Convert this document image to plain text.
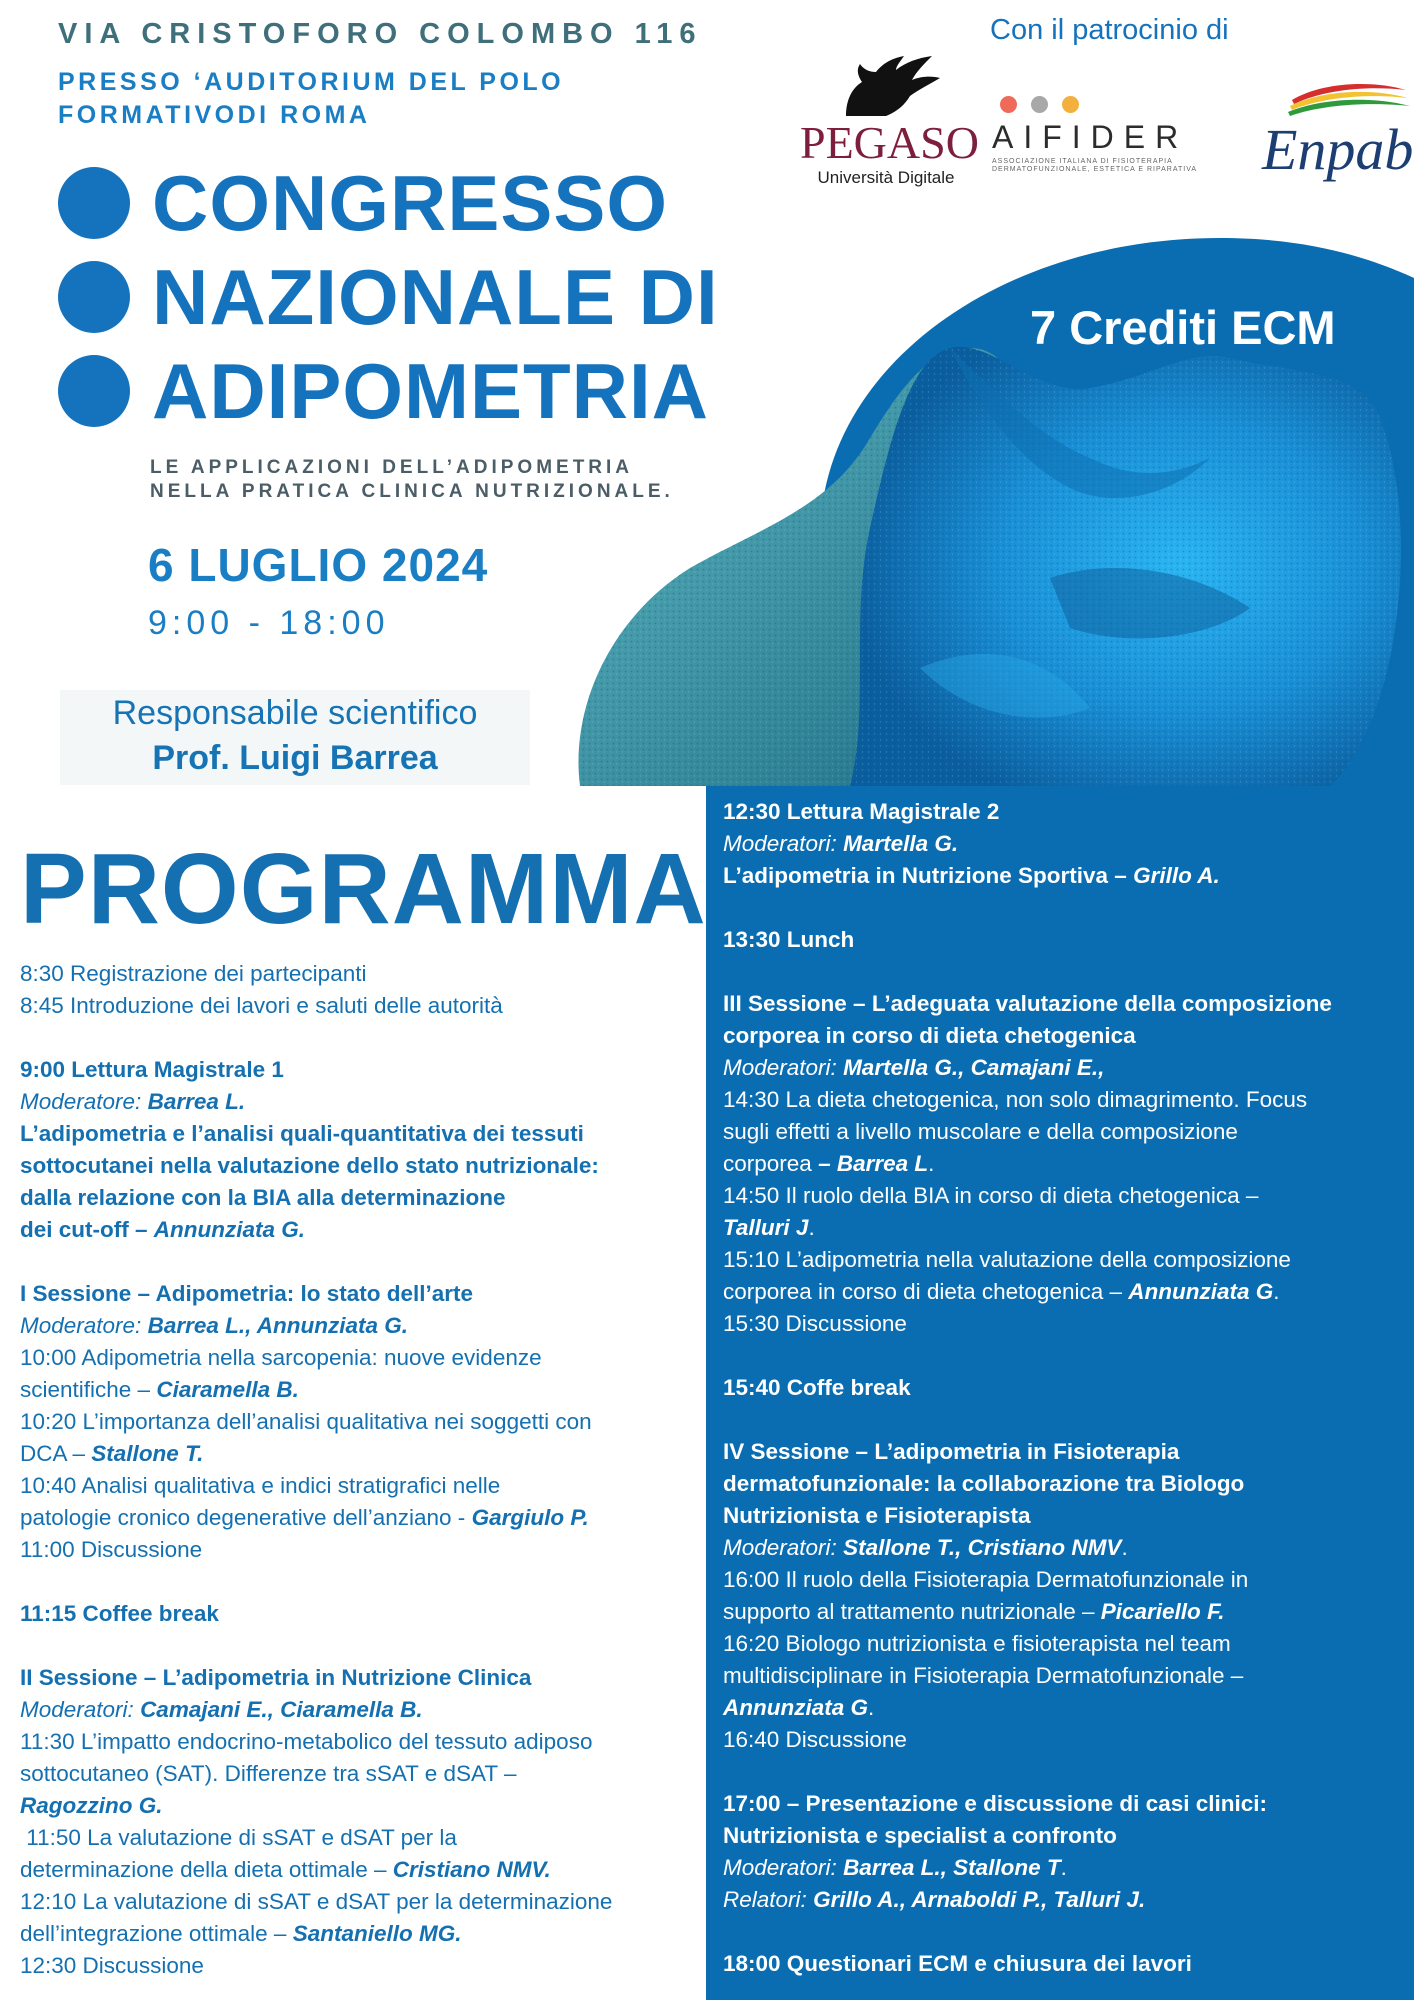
VIA CRISTOFORO COLOMBO 116
PRESSO ‘AUDITORIUM DEL POLO
FORMATIVODI ROMA
CONGRESSO
NAZIONALE DI
ADIPOMETRIA
LE APPLICAZIONI DELL’ADIPOMETRIA
NELLA PRATICA CLINICA NUTRIZIONALE.
6 LUGLIO 2024
9:00 - 18:00
Responsabile scientifico
Prof. Luigi Barrea
Con il patrocinio di
PEGASO
Università Digitale
AIFIDER
ASSOCIAZIONE ITALIANA DI FISIOTERAPIA DERMATOFUNZIONALE, ESTETICA E RIPARATIVA	Enpab
7 Crediti ECM
PROGRAMMA
8:30 Registrazione dei partecipanti
8:45 Introduzione dei lavori e saluti delle autorità
9:00 Lettura Magistrale 1
Moderatore: Barrea L.
L’adipometria e l’analisi quali-quantitativa dei tessuti
sottocutanei nella valutazione dello stato nutrizionale:
dalla relazione con la BIA alla determinazione
dei cut-off – Annunziata G.
I Sessione – Adipometria: lo stato dell’arte
Moderatore: Barrea L., Annunziata G.
10:00 Adipometria nella sarcopenia: nuove evidenze
scientifiche – Ciaramella B.
10:20 L’importanza dell’analisi qualitativa nei soggetti con
DCA – Stallone T.
10:40 Analisi qualitativa e indici stratigrafici nelle
patologie cronico degenerative dell’anziano - Gargiulo P.
11:00 Discussione
11:15 Coffee break
II Sessione – L’adipometria in Nutrizione Clinica
Moderatori: Camajani E., Ciaramella B.
11:30 L’impatto endocrino-metabolico del tessuto adiposo
sottocutaneo (SAT). Differenze tra sSAT e dSAT –
Ragozzino G.
11:50 La valutazione di sSAT e dSAT per la
determinazione della dieta ottimale – Cristiano NMV.
12:10 La valutazione di sSAT e dSAT per la determinazione
dell’integrazione ottimale – Santaniello MG.
12:30 Discussione
12:30 Lettura Magistrale 2
Moderatori: Martella G.
L’adipometria in Nutrizione Sportiva – Grillo A.
13:30 Lunch
III Sessione – L’adeguata valutazione della composizione
corporea in corso di dieta chetogenica
Moderatori: Martella G., Camajani E.,
14:30 La dieta chetogenica, non solo dimagrimento. Focus
sugli effetti a livello muscolare e della composizione
corporea – Barrea L.
14:50 Il ruolo della BIA in corso di dieta chetogenica –
Talluri J.
15:10 L’adipometria nella valutazione della composizione
corporea in corso di dieta chetogenica – Annunziata G.
15:30 Discussione
15:40 Coffe break
IV Sessione – L’adipometria in Fisioterapia
dermatofunzionale: la collaborazione tra Biologo
Nutrizionista e Fisioterapista
Moderatori: Stallone T., Cristiano NMV.
16:00 Il ruolo della Fisioterapia Dermatofunzionale in
supporto al trattamento nutrizionale – Picariello F.
16:20 Biologo nutrizionista e fisioterapista nel team
multidisciplinare in Fisioterapia Dermatofunzionale –
Annunziata G.
16:40 Discussione
17:00 – Presentazione e discussione di casi clinici:
Nutrizionista e specialist a confronto
Moderatori: Barrea L., Stallone T.
Relatori: Grillo A., Arnaboldi P., Talluri J.
18:00 Questionari ECM e chiusura dei lavori
